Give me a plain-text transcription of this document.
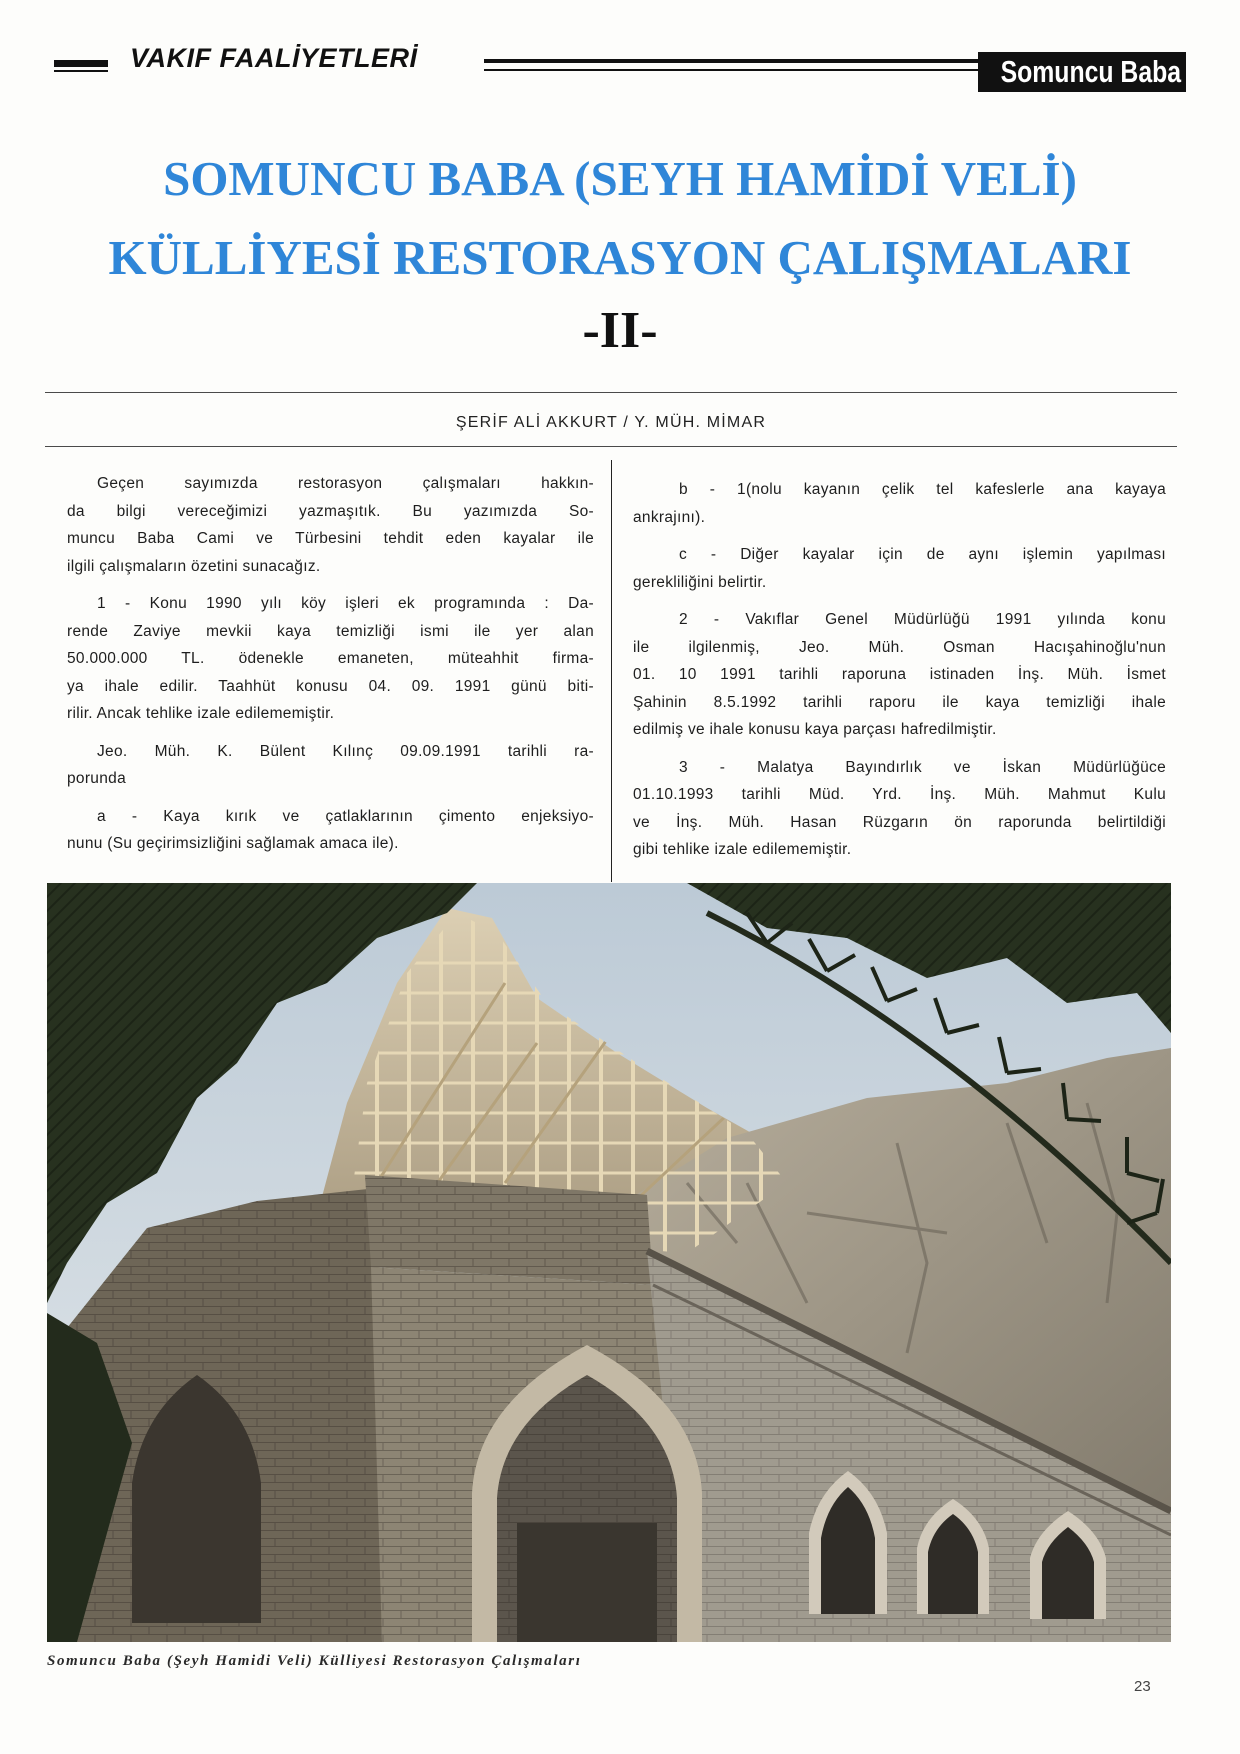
VAKIF FAALİYETLERİ	Somuncu Baba
SOMUNCU BABA (SEYH HAMİDİ VELİ)
KÜLLİYESİ RESTORASYON ÇALIŞMALARI
-II-
ŞERİF ALİ AKKURT / Y. MÜH. MİMAR
Geçen sayımızda restorasyon çalışmaları hakkın-
da bilgi vereceğimizi yazmaşıtık. Bu yazımızda So-
muncu Baba Cami ve Türbesini tehdit eden kayalar ile
ilgili çalışmaların özetini sunacağız.
1 - Konu 1990 yılı köy işleri ek programında : Da-
rende Zaviye mevkii kaya temizliği ismi ile yer alan
50.000.000 TL. ödenekle emaneten, müteahhit firma-
ya ihale edilir. Taahhüt konusu 04. 09. 1991 günü biti-
rilir. Ancak tehlike izale edilememiştir.
Jeo. Müh. K. Bülent Kılınç 09.09.1991 tarihli ra-
porunda
a - Kaya kırık ve çatlaklarının çimento enjeksiyo-
nunu (Su geçirimsizliğini sağlamak amaca ile).
b - 1(nolu kayanın çelik tel kafeslerle ana kayaya
ankrajını).
c - Diğer kayalar için de aynı işlemin yapılması
gerekliliğini belirtir.
2 - Vakıflar Genel Müdürlüğü 1991 yılında konu
ile ilgilenmiş, Jeo. Müh. Osman Hacışahinoğlu'nun
01. 10 1991 tarihli raporuna istinaden İnş. Müh. İsmet
Şahinin 8.5.1992 tarihli raporu ile kaya temizliği ihale
edilmiş ve ihale konusu kaya parçası hafredilmiştir.
3 - Malatya Bayındırlık ve İskan Müdürlüğüce
01.10.1993 tarihli Müd. Yrd. İnş. Müh. Mahmut Kulu
ve İnş. Müh. Hasan Rüzgarın ön raporunda belirtildiği
gibi tehlike izale edilememiştir.
Somuncu Baba (Şeyh Hamidi Veli) Külliyesi Restorasyon Çalışmaları
23
